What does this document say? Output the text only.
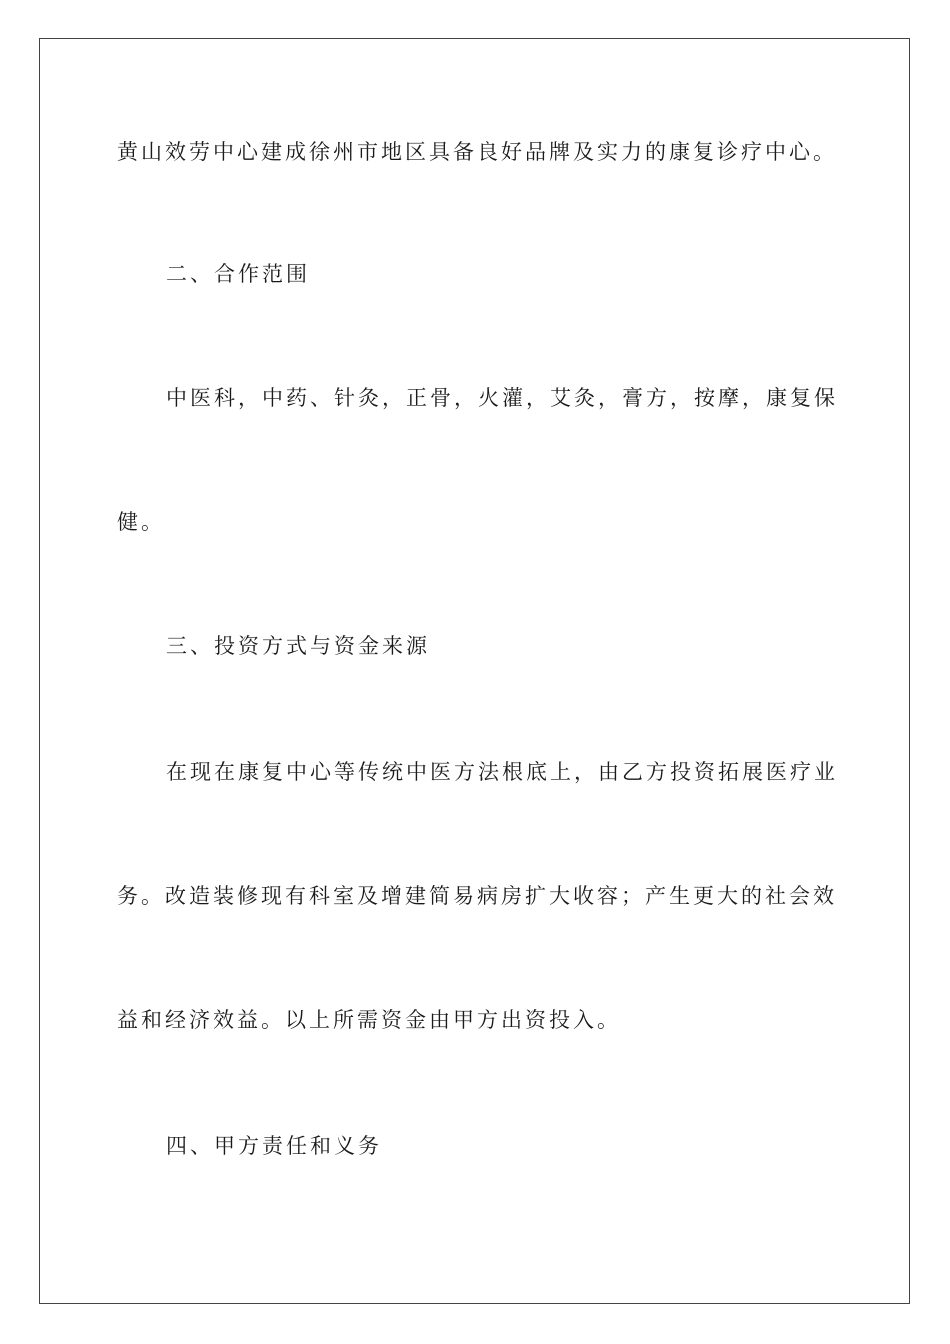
黄山效劳中心建成徐州市地区具备良好品牌及实力的康复诊疗中心。

二、合作范围

中医科，中药、针灸，正骨，火灌，艾灸，膏方，按摩，康复保

健。

三、投资方式与资金来源

在现在康复中心等传统中医方法根底上，由乙方投资拓展医疗业

务。改造装修现有科室及增建简易病房扩大收容；产生更大的社会效

益和经济效益。以上所需资金由甲方出资投入。

四、甲方责任和义务
